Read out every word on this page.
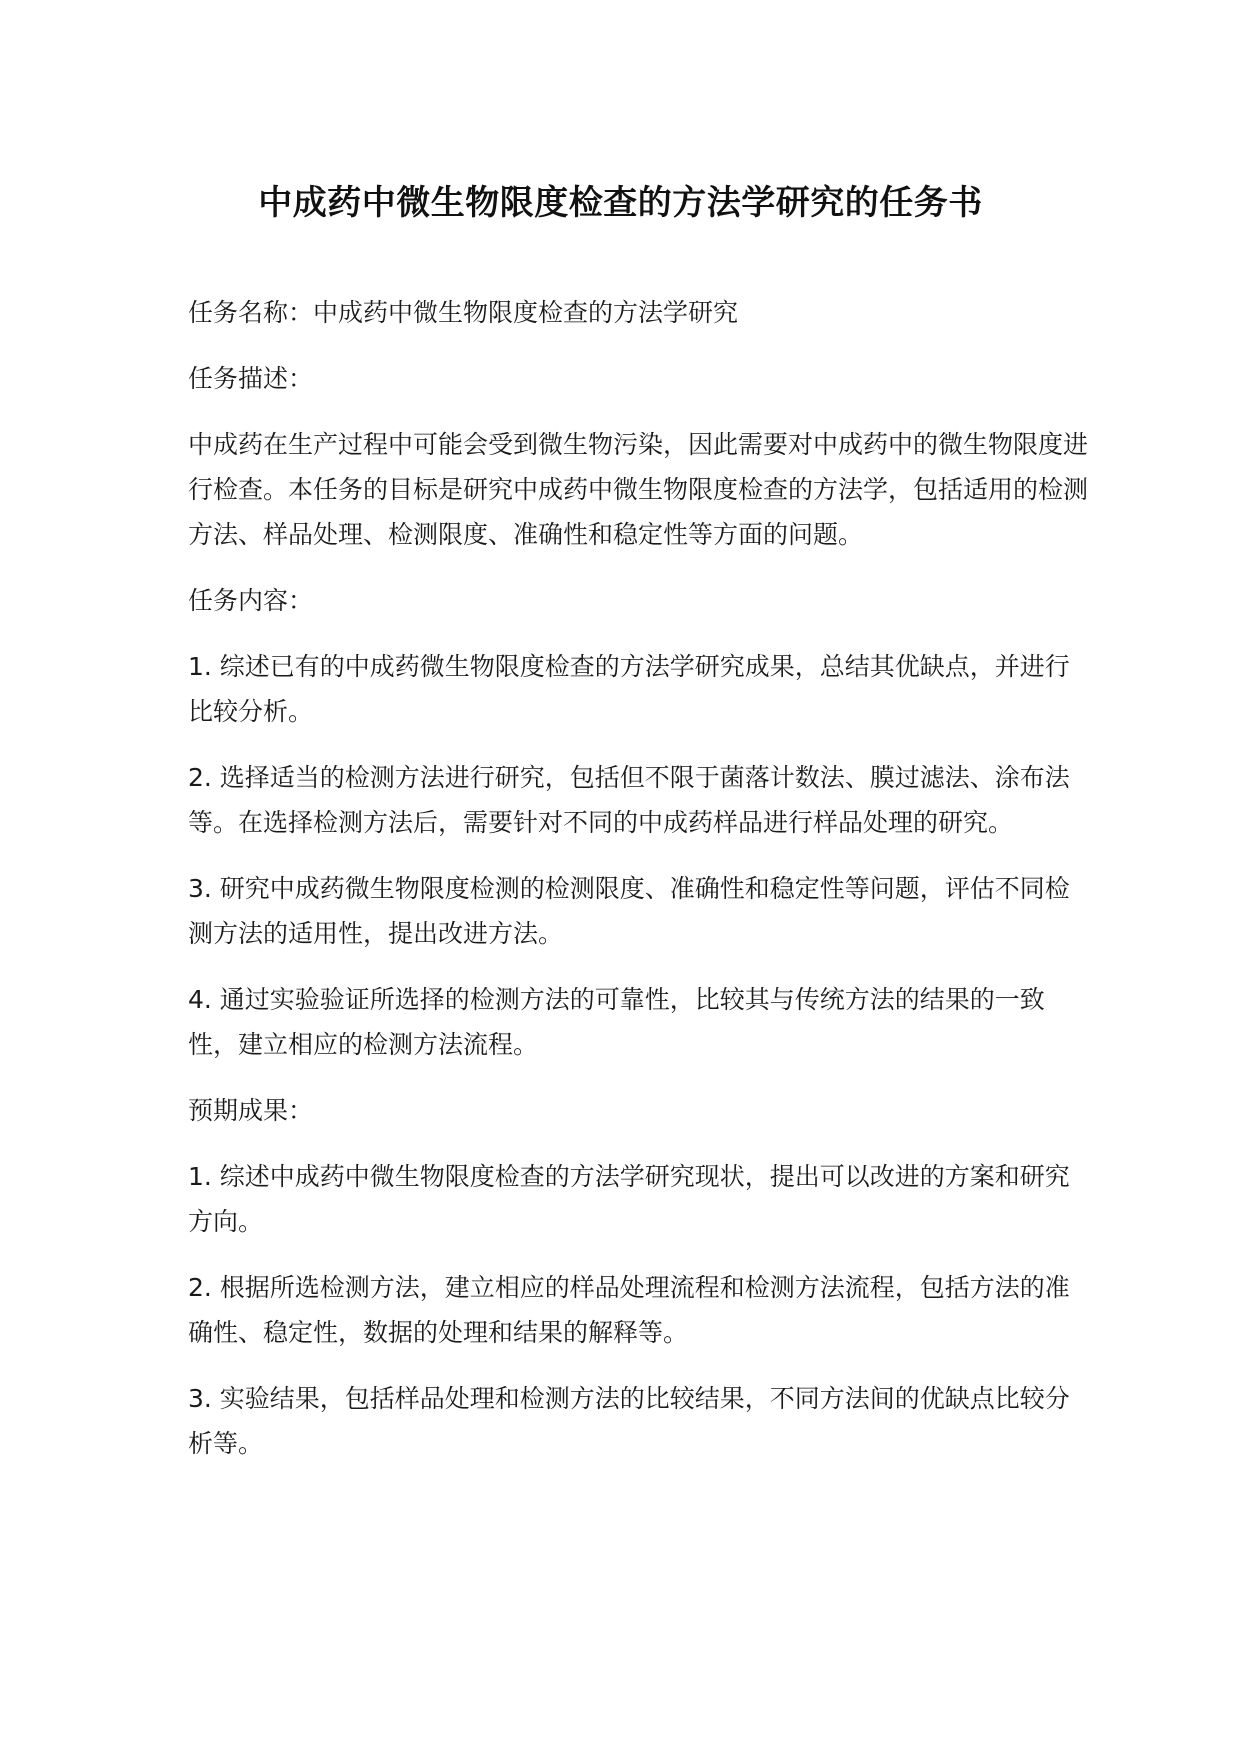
中成药中微生物限度检查的方法学研究的任务书

任务名称：中成药中微生物限度检查的方法学研究

任务描述：

中成药在生产过程中可能会受到微生物污染，因此需要对中成药中的微生物限度进行检查。本任务的目标是研究中成药中微生物限度检查的方法学，包括适用的检测方法、样品处理、检测限度、准确性和稳定性等方面的问题。

任务内容：

1. 综述已有的中成药微生物限度检查的方法学研究成果，总结其优缺点，并进行比较分析。

2. 选择适当的检测方法进行研究，包括但不限于菌落计数法、膜过滤法、涂布法等。在选择检测方法后，需要针对不同的中成药样品进行样品处理的研究。

3. 研究中成药微生物限度检测的检测限度、准确性和稳定性等问题，评估不同检测方法的适用性，提出改进方法。

4. 通过实验验证所选择的检测方法的可靠性，比较其与传统方法的结果的一致性，建立相应的检测方法流程。

预期成果：

1. 综述中成药中微生物限度检查的方法学研究现状，提出可以改进的方案和研究方向。

2. 根据所选检测方法，建立相应的样品处理流程和检测方法流程，包括方法的准确性、稳定性，数据的处理和结果的解释等。

3. 实验结果，包括样品处理和检测方法的比较结果，不同方法间的优缺点比较分析等。
